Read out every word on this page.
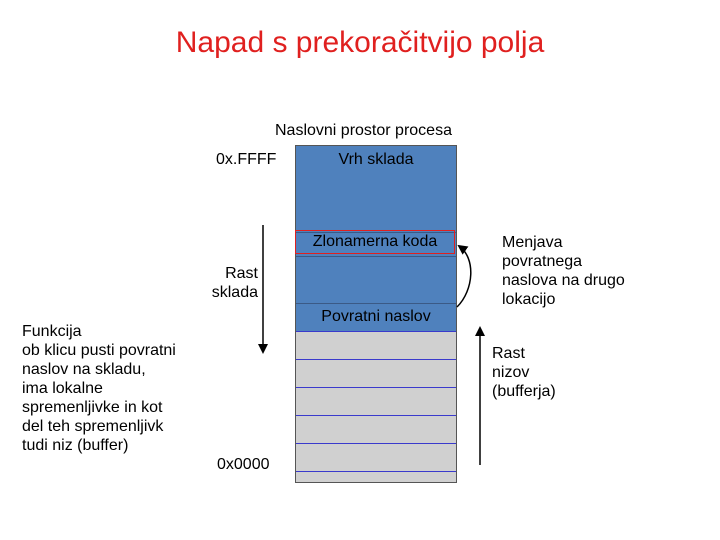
Napad s prekoračitvijo polja
Naslovni prostor procesa
0x.FFFF	Vrh sklada
Povratni naslov
Zlonamerna koda
Rast
sklada
Funkcija
ob klicu pusti povratni
naslov na skladu,
ima lokalne
spremenljivke in kot
del teh spremenljivk
tudi niz (buffer)
0x0000
Menjava
povratnega
naslova na drugo
lokacijo
Rast
nizov
(bufferja)
